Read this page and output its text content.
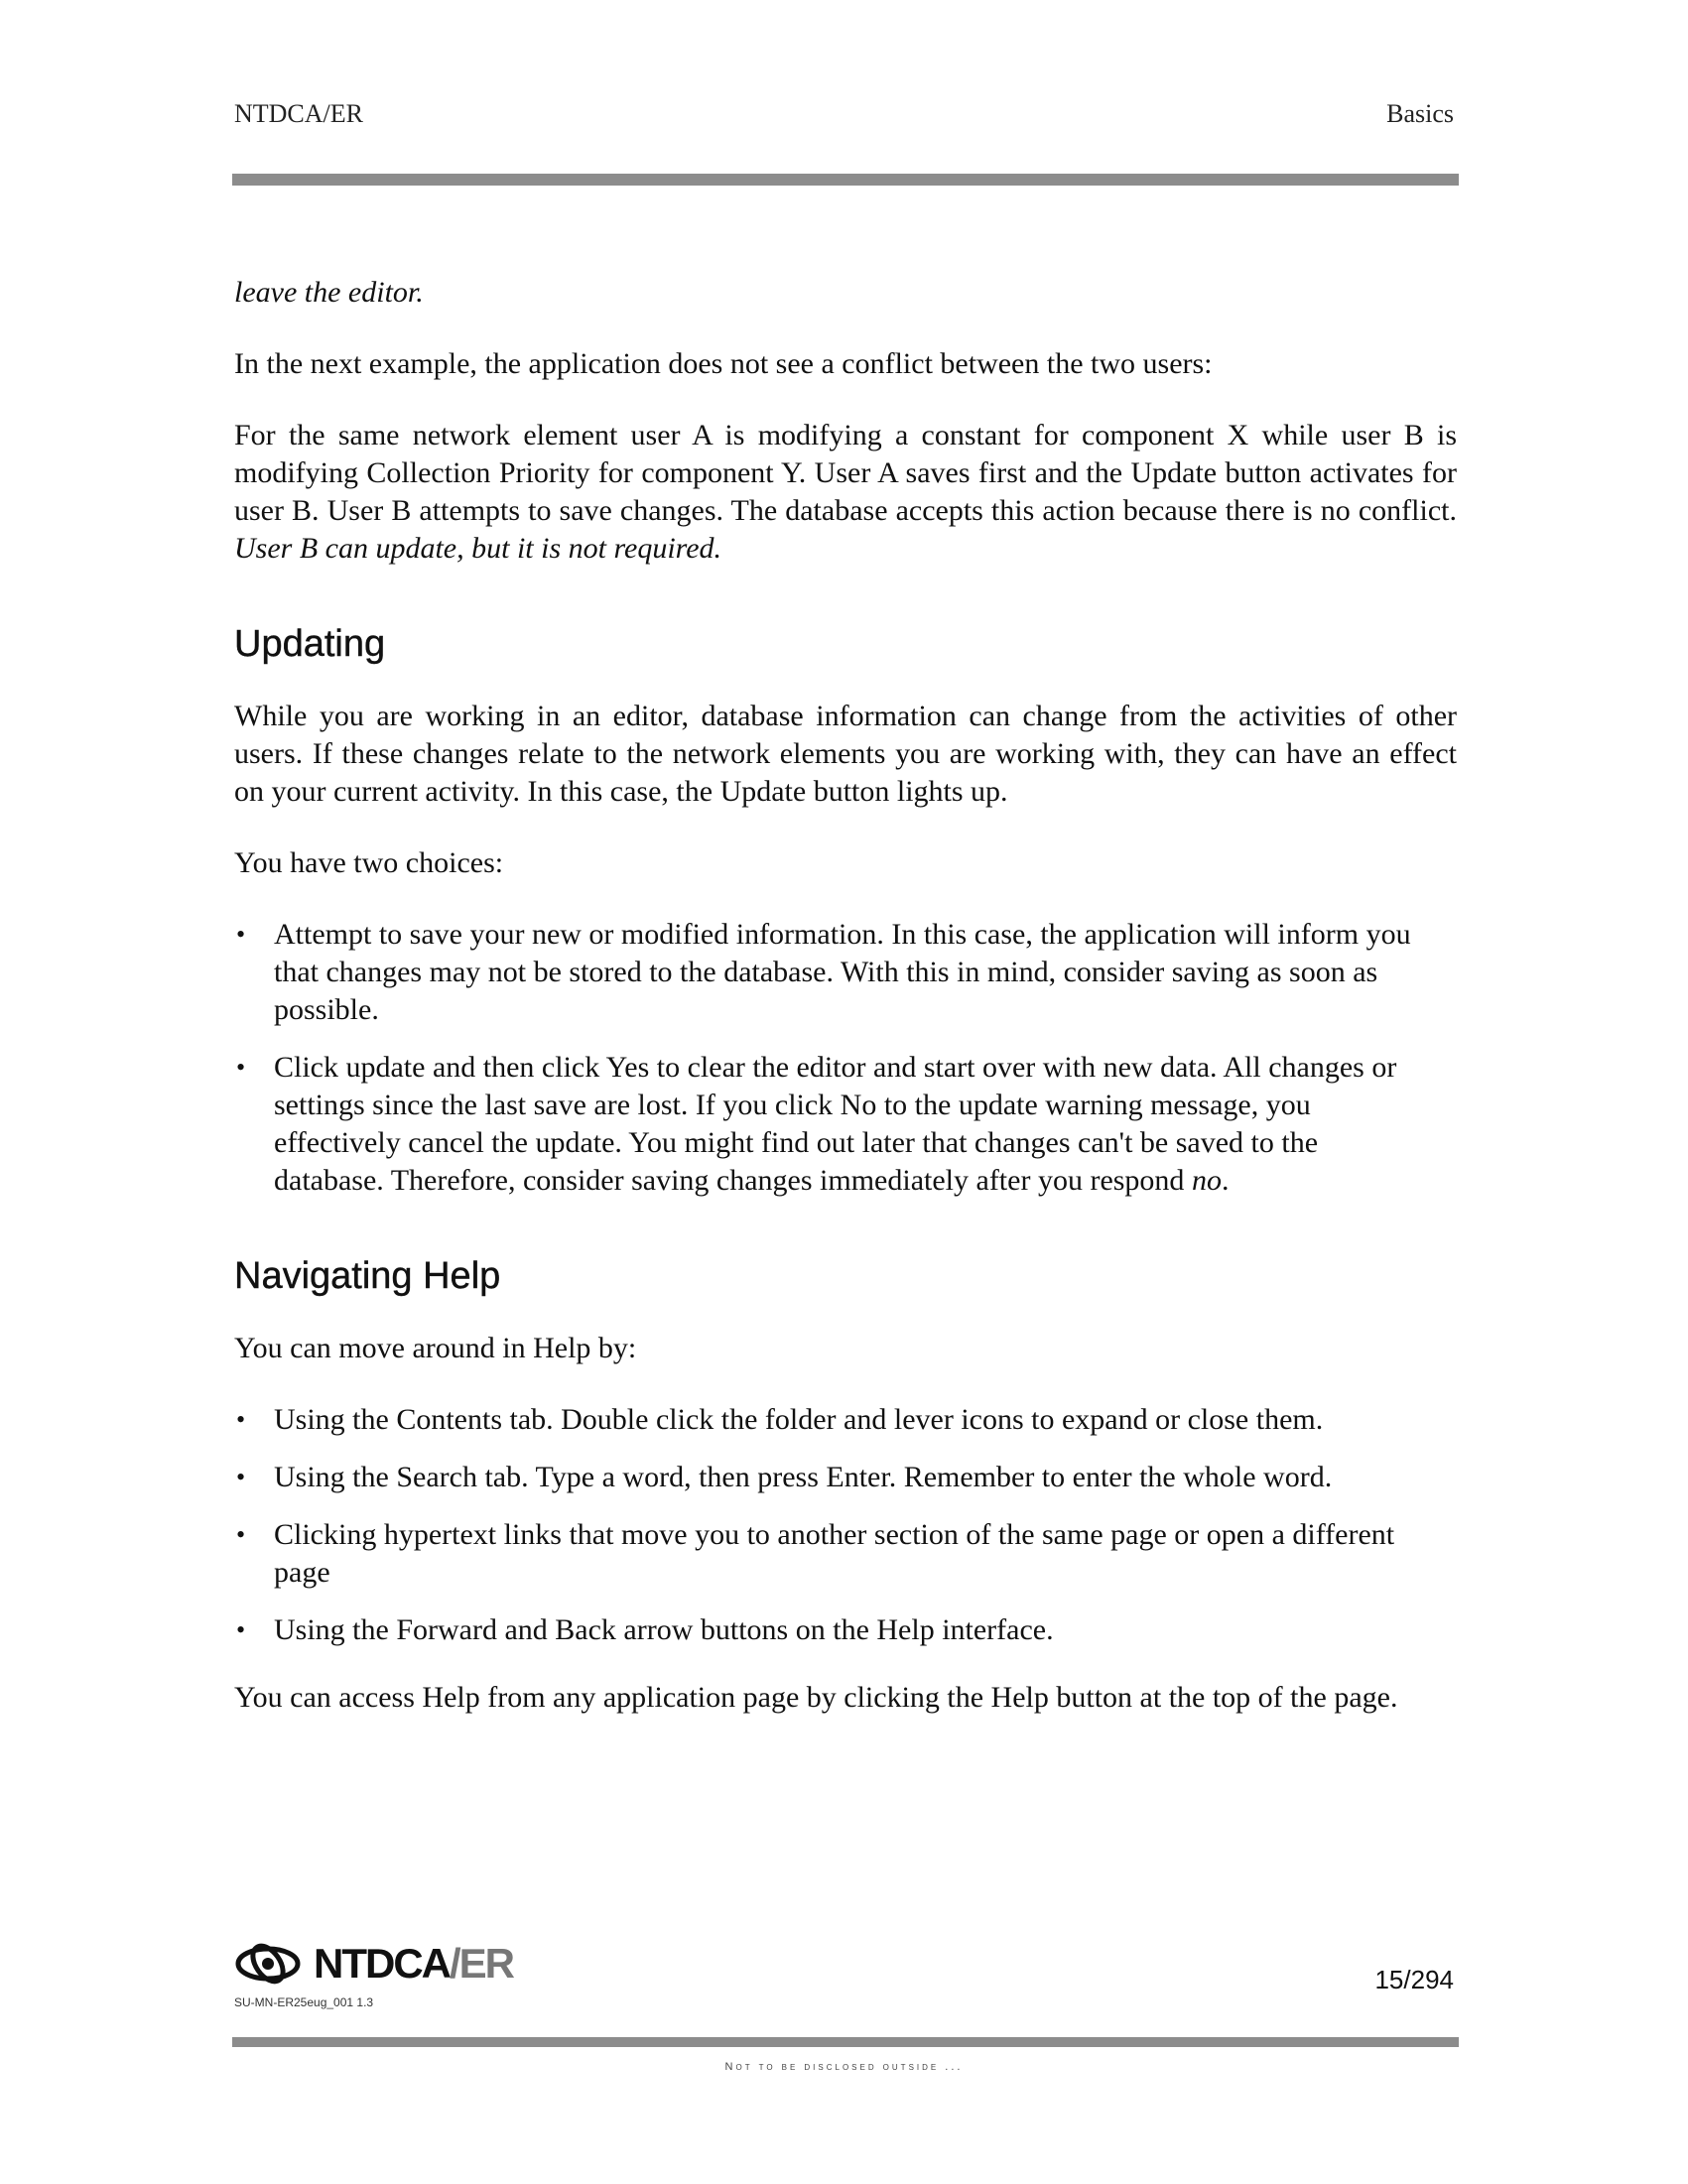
NTDCA/ER	Basics

leave the editor.

In the next example, the application does not see a conflict between the two users:

For the same network element user A is modifying a constant for component X while user B is modifying Collection Priority for component Y. User A saves first and the Update button activates for user B. User B attempts to save changes. The database accepts this action because there is no conflict. User B can update, but it is not required.

Updating

While you are working in an editor, database information can change from the activities of other users. If these changes relate to the network elements you are working with, they can have an effect on your current activity. In this case, the Update button lights up.

You have two choices:

• Attempt to save your new or modified information. In this case, the application will inform you that changes may not be stored to the database. With this in mind, consider saving as soon as possible.
• Click update and then click Yes to clear the editor and start over with new data. All changes or settings since the last save are lost. If you click No to the update warning message, you effectively cancel the update. You might find out later that changes can't be saved to the database. Therefore, consider saving changes immediately after you respond no.
Navigating Help

You can move around in Help by:

• Using the Contents tab. Double click the folder and lever icons to expand or close them.
• Using the Search tab. Type a word, then press Enter. Remember to enter the whole word.
• Clicking hypertext links that move you to another section of the same page or open a different page
• Using the Forward and Back arrow buttons on the Help interface.

You can access Help from any application page by clicking the Help button at the top of the page.

NTDCA/ER
SU-MN-ER25eug_001 1.3
15/294
Not to be disclosed outside ...
